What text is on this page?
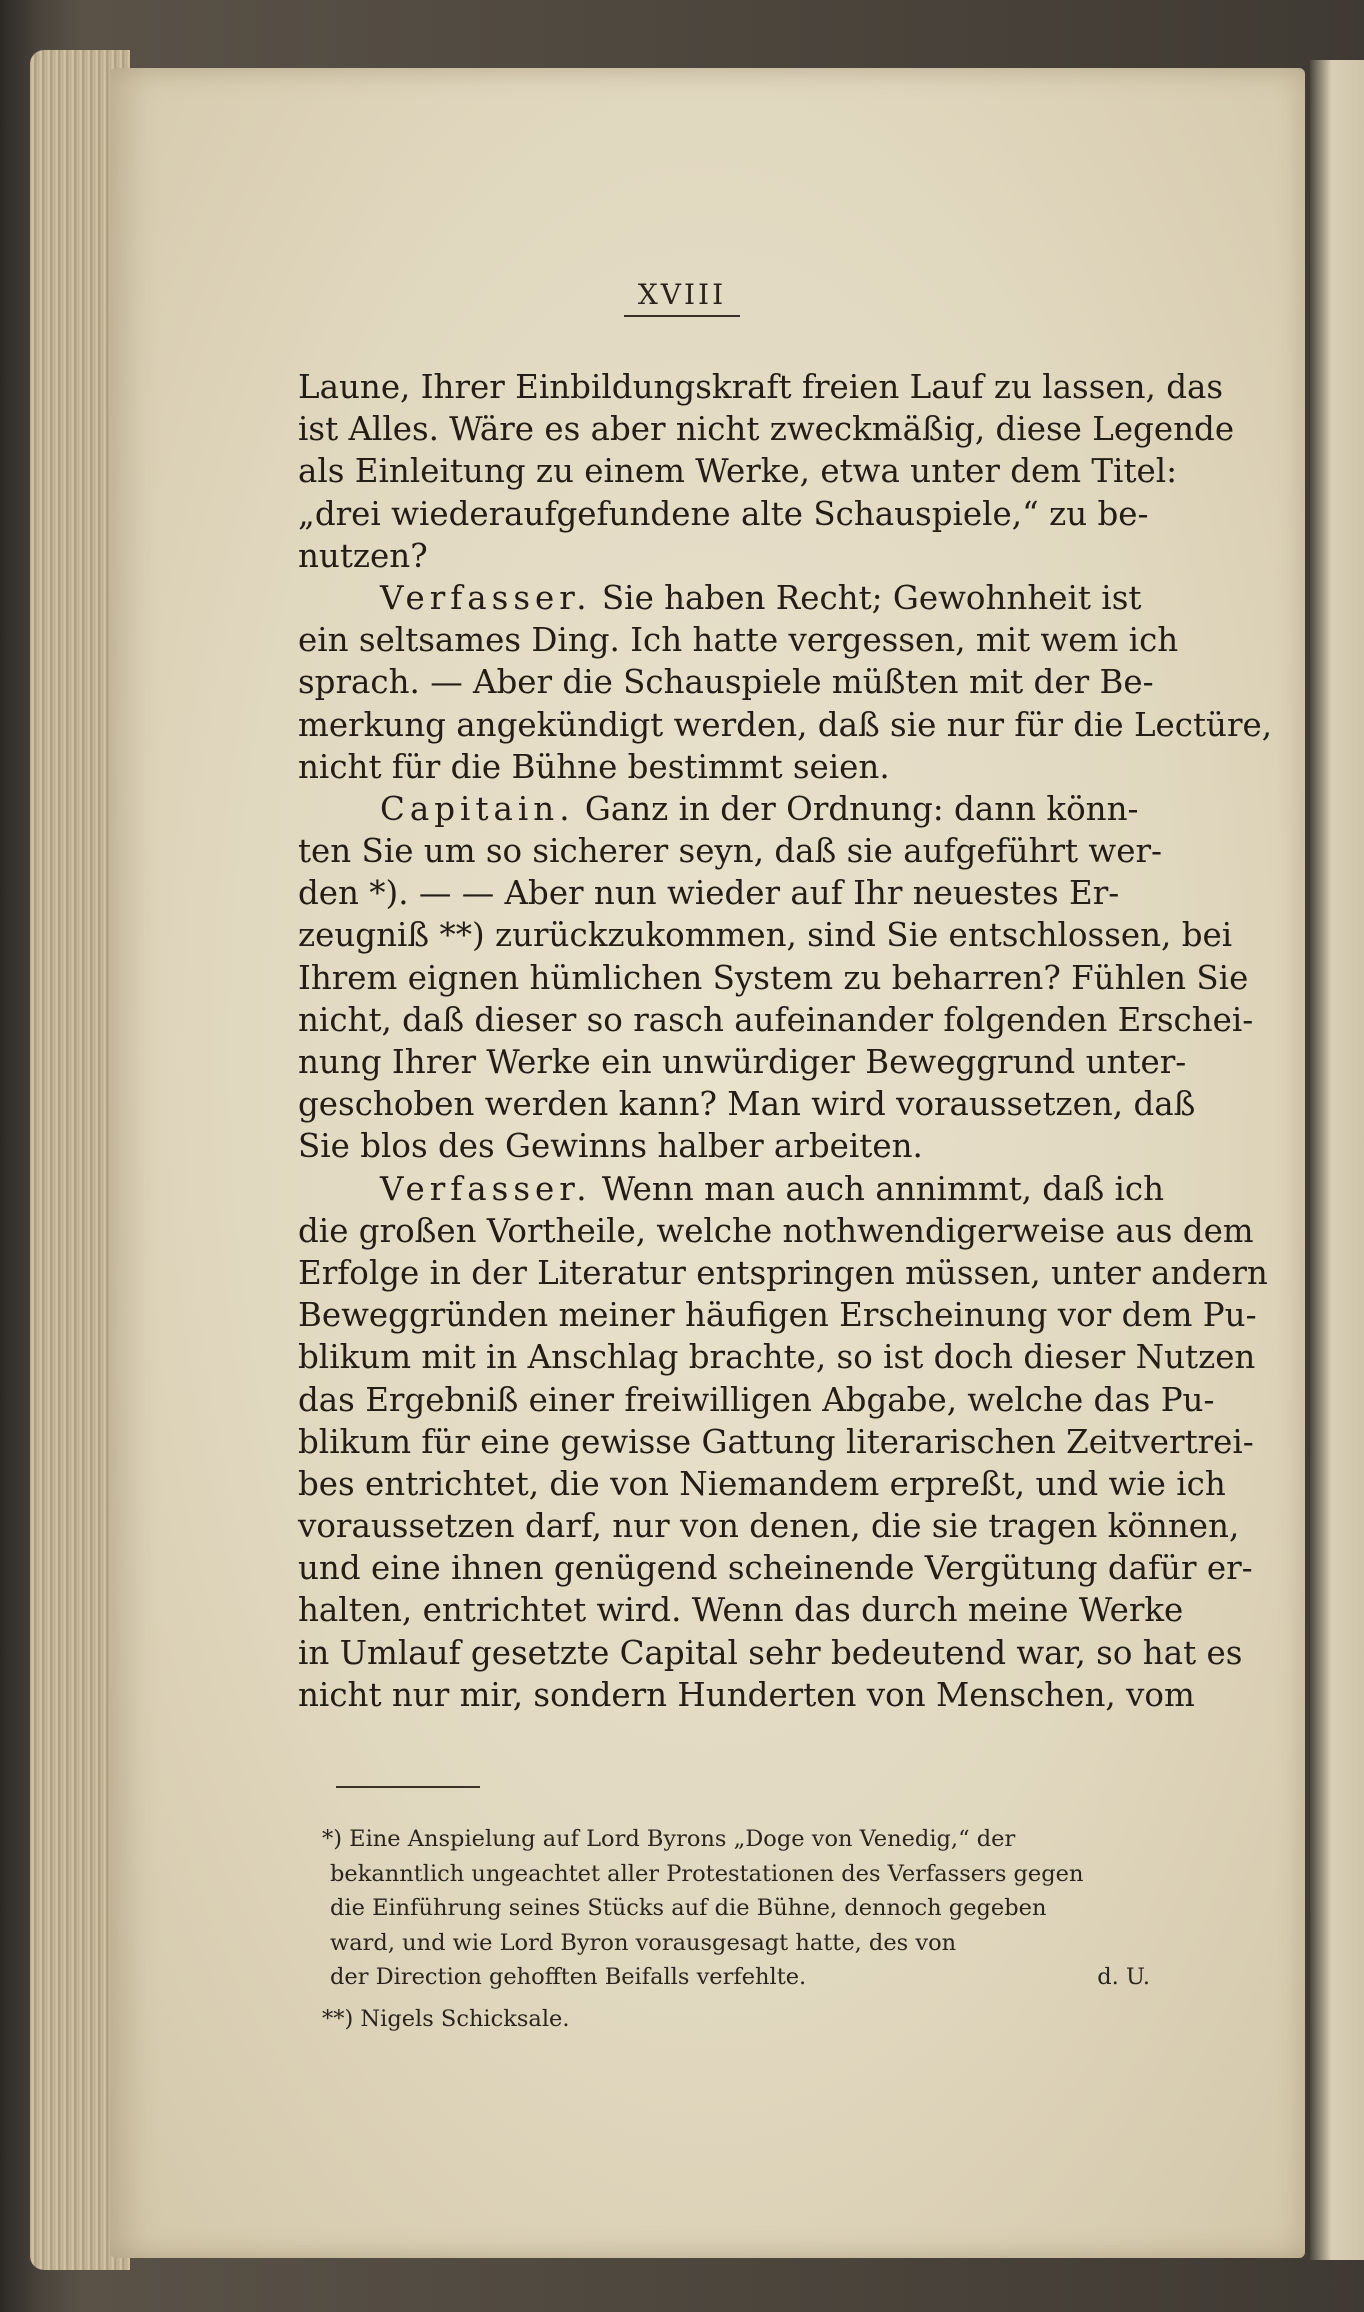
XVIII
Laune, Ihrer Einbildungskraft freien Lauf zu lassen, das
ist Alles. Wäre es aber nicht zweckmäßig, diese Legende
als Einleitung zu einem Werke, etwa unter dem Titel:
„drei wiederaufgefundene alte Schauspiele,“ zu be-
nutzen?
Verfasser. Sie haben Recht; Gewohnheit ist
ein seltsames Ding. Ich hatte vergessen, mit wem ich
sprach. — Aber die Schauspiele müßten mit der Be-
merkung angekündigt werden, daß sie nur für die Lectüre,
nicht für die Bühne bestimmt seien.
Capitain. Ganz in der Ordnung: dann könn-
ten Sie um so sicherer seyn, daß sie aufgeführt wer-
den *). — — Aber nun wieder auf Ihr neuestes Er-
zeugniß **) zurückzukommen, sind Sie entschlossen, bei
Ihrem eignen hümlichen System zu beharren? Fühlen Sie
nicht, daß dieser so rasch aufeinander folgenden Erschei-
nung Ihrer Werke ein unwürdiger Beweggrund unter-
geschoben werden kann? Man wird voraussetzen, daß
Sie blos des Gewinns halber arbeiten.
Verfasser. Wenn man auch annimmt, daß ich
die großen Vortheile, welche nothwendigerweise aus dem
Erfolge in der Literatur entspringen müssen, unter andern
Beweggründen meiner häufigen Erscheinung vor dem Pu-
blikum mit in Anschlag brachte, so ist doch dieser Nutzen
das Ergebniß einer freiwilligen Abgabe, welche das Pu-
blikum für eine gewisse Gattung literarischen Zeitvertrei-
bes entrichtet, die von Niemandem erpreßt, und wie ich
voraussetzen darf, nur von denen, die sie tragen können,
und eine ihnen genügend scheinende Vergütung dafür er-
halten, entrichtet wird. Wenn das durch meine Werke
in Umlauf gesetzte Capital sehr bedeutend war, so hat es
nicht nur mir, sondern Hunderten von Menschen, vom
*) Eine Anspielung auf Lord Byrons „Doge von Venedig,“ der
bekanntlich ungeachtet aller Protestationen des Verfassers gegen
die Einführung seines Stücks auf die Bühne, dennoch gegeben
ward, und wie Lord Byron vorausgesagt hatte, des von
der Direction gehofften Beifalls verfehlte.	d. U.
**) Nigels Schicksale.
